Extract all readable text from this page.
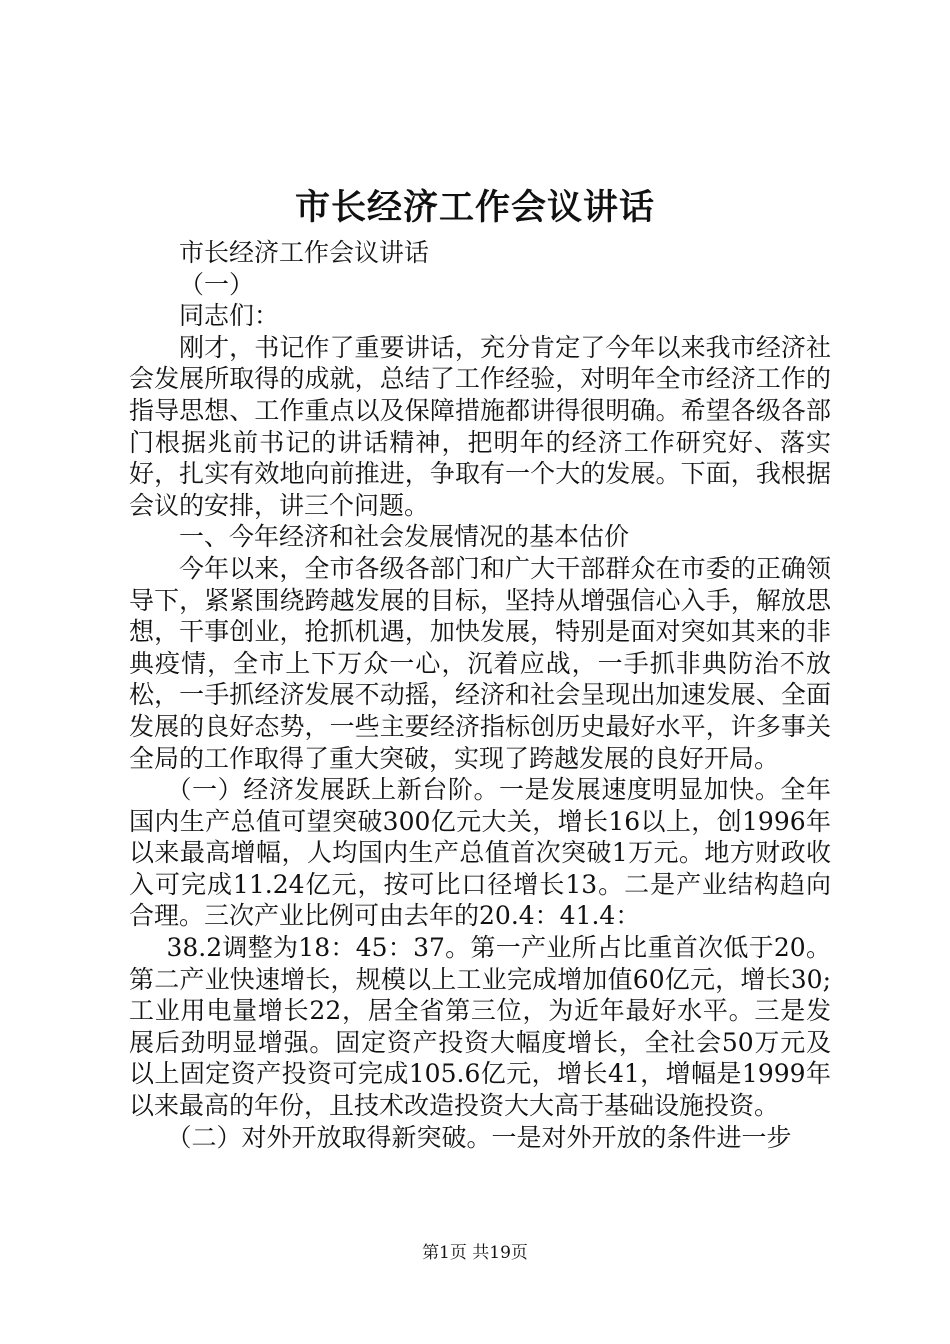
市长经济工作会议讲话

市长经济工作会议讲话

（一）

同志们：

刚才，书记作了重要讲话，充分肯定了今年以来我市经济社会发展所取得的成就，总结了工作经验，对明年全市经济工作的指导思想、工作重点以及保障措施都讲得很明确。希望各级各部门根据兆前书记的讲话精神，把明年的经济工作研究好、落实好，扎实有效地向前推进，争取有一个大的发展。下面，我根据会议的安排，讲三个问题。

一、今年经济和社会发展情况的基本估价

今年以来，全市各级各部门和广大干部群众在市委的正确领导下，紧紧围绕跨越发展的目标，坚持从增强信心入手，解放思想，干事创业，抢抓机遇，加快发展，特别是面对突如其来的非典疫情，全市上下万众一心，沉着应战，一手抓非典防治不放松，一手抓经济发展不动摇，经济和社会呈现出加速发展、全面发展的良好态势，一些主要经济指标创历史最好水平，许多事关全局的工作取得了重大突破，实现了跨越发展的良好开局。

（一）经济发展跃上新台阶。一是发展速度明显加快。全年国内生产总值可望突破300亿元大关，增长16以上，创1996年以来最高增幅，人均国内生产总值首次突破1万元。地方财政收入可完成11.24亿元，按可比口径增长13。二是产业结构趋向合理。三次产业比例可由去年的20.4：41.4：

38.2调整为18：45：37。第一产业所占比重首次低于20。第二产业快速增长，规模以上工业完成增加值60亿元，增长30;工业用电量增长22，居全省第三位，为近年最好水平。三是发展后劲明显增强。固定资产投资大幅度增长，全社会50万元及以上固定资产投资可完成105.6亿元，增长41，增幅是1999年以来最高的年份，且技术改造投资大大高于基础设施投资。

（二）对外开放取得新突破。一是对外开放的条件进一步

第1页 共19页
